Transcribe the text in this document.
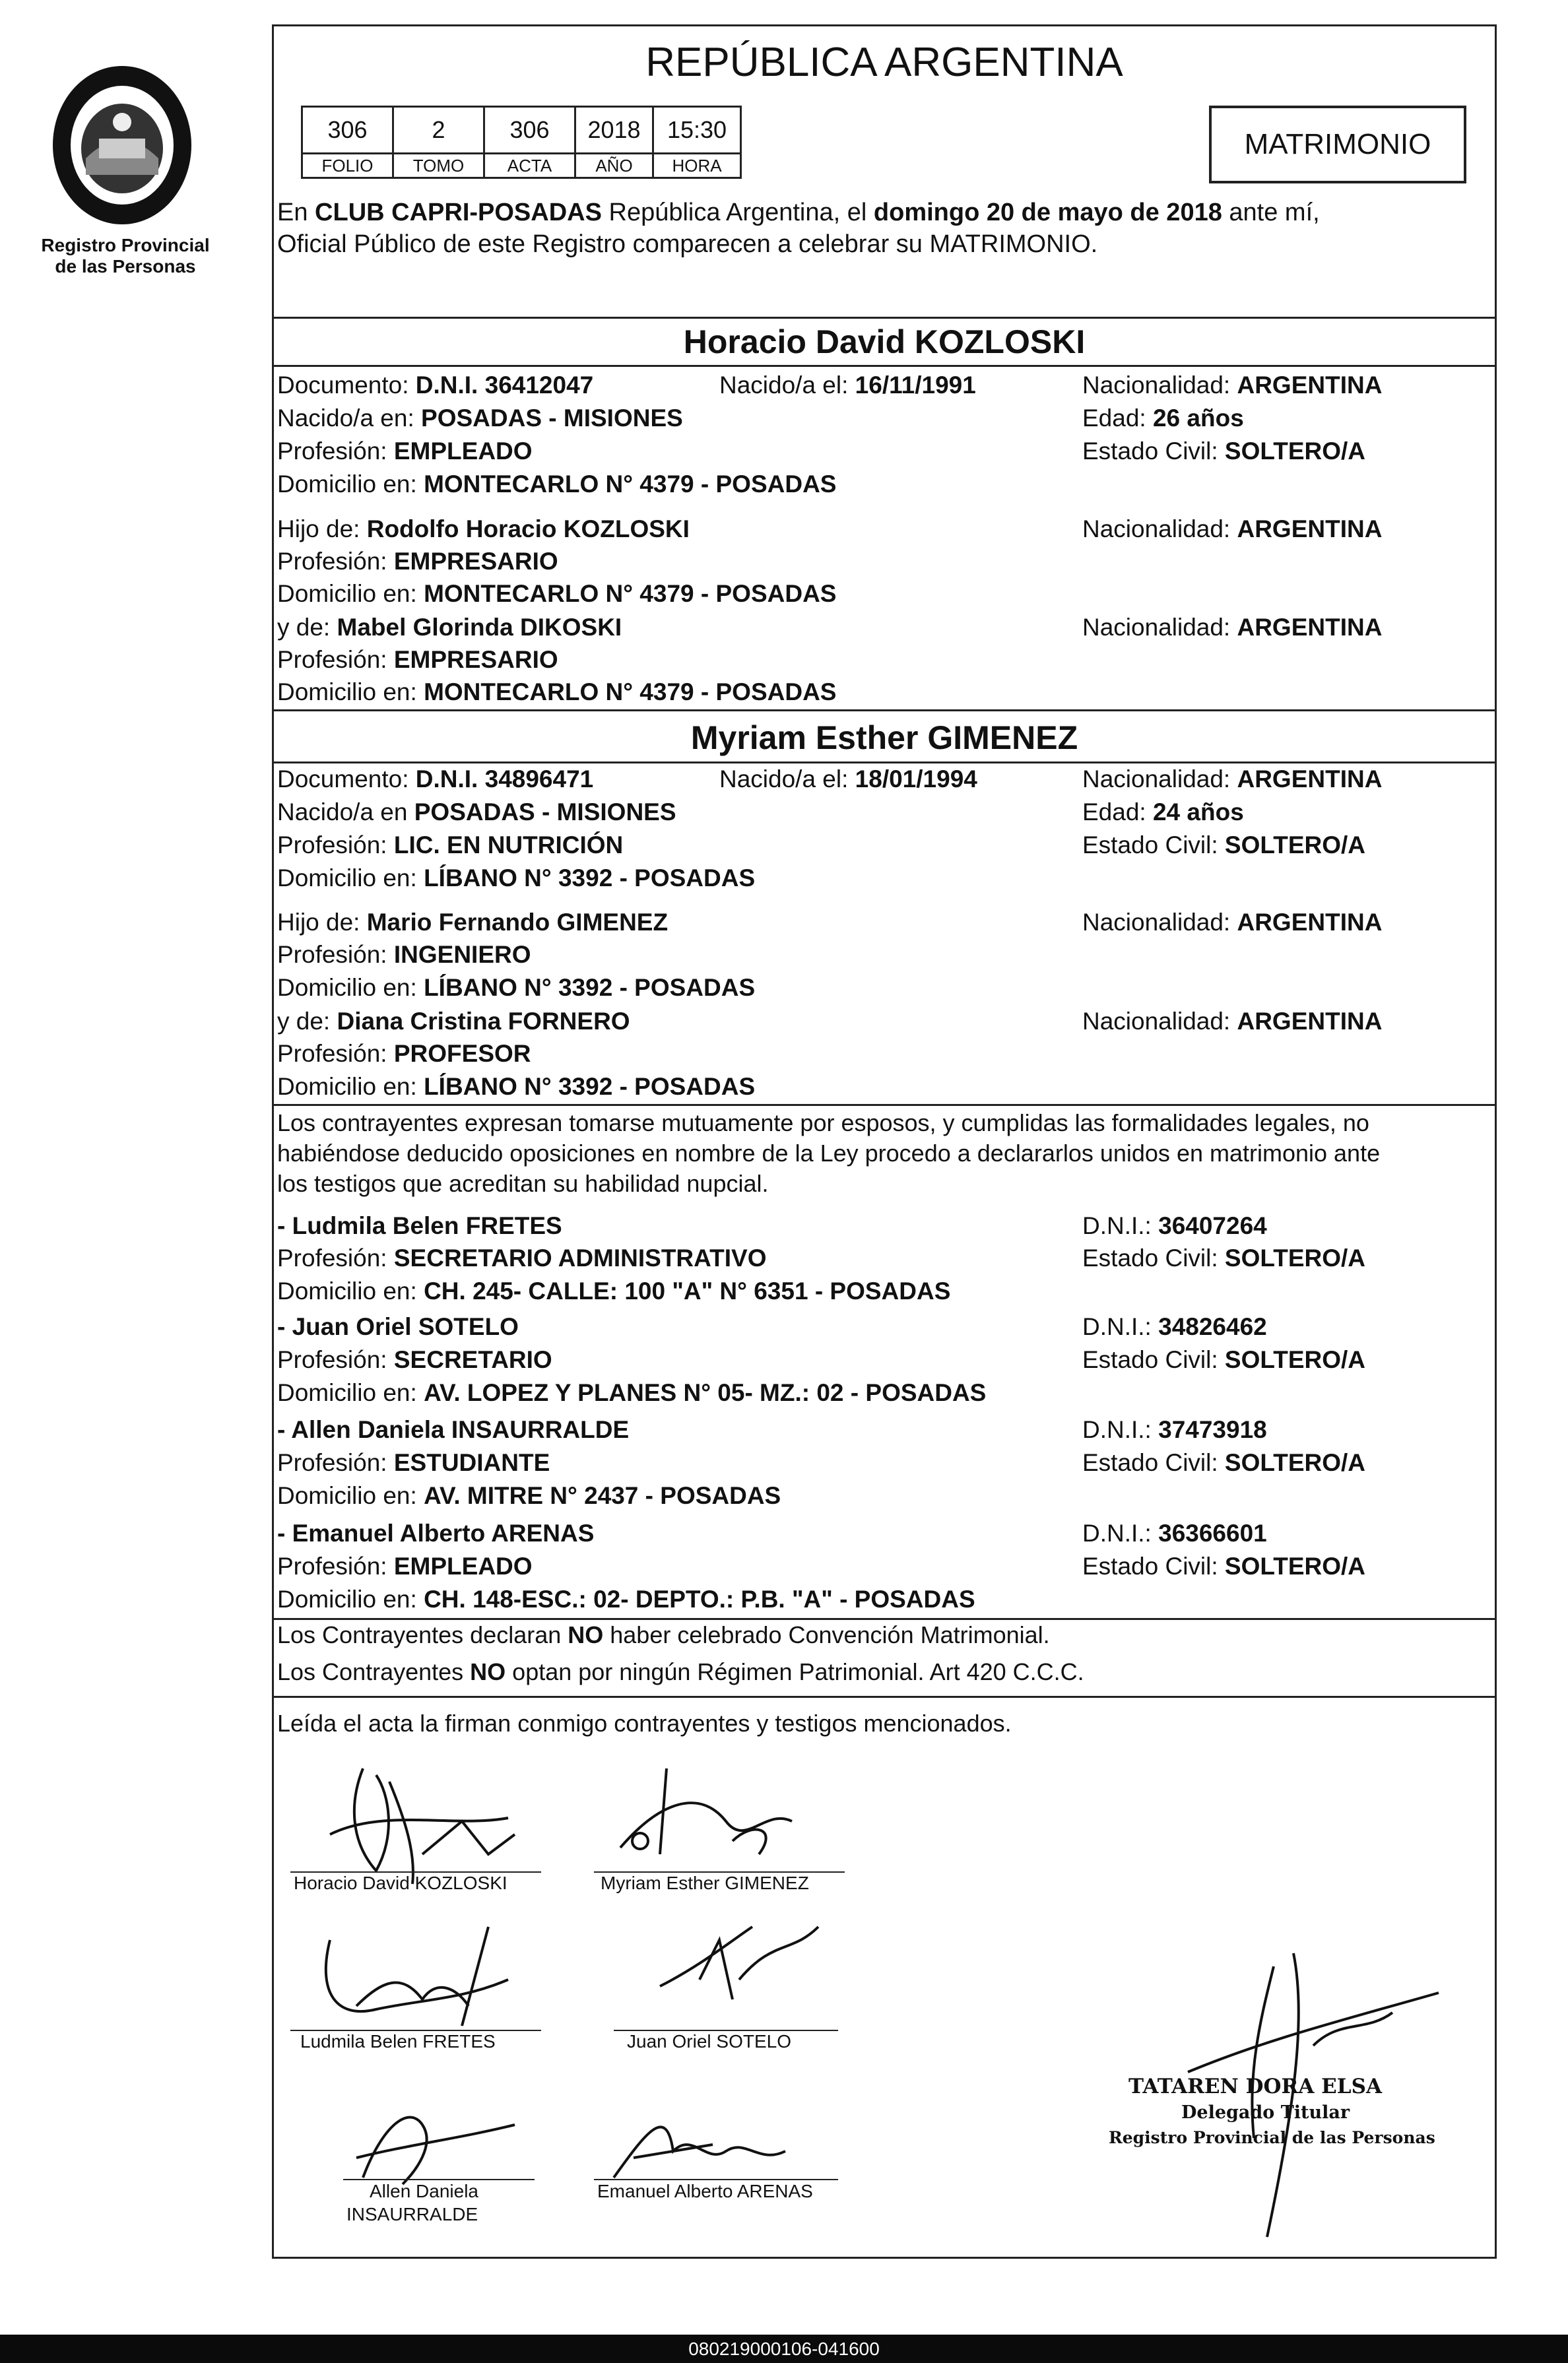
Registro Provincial
de las Personas
REPÚBLICA ARGENTINA
306	2	306	2018	15:30
FOLIO	TOMO	ACTA	AÑO	HORA
MATRIMONIO
En CLUB CAPRI-POSADAS República Argentina, el domingo 20 de mayo de 2018 ante mí,
Oficial Público de este Registro comparecen a celebrar su MATRIMONIO.
Horacio David KOZLOSKI
Documento: D.N.I. 36412047	Nacido/a el: 16/11/1991	Nacionalidad: ARGENTINA
Nacido/a en: POSADAS - MISIONES	Edad: 26 años
Profesión: EMPLEADO	Estado Civil: SOLTERO/A
Domicilio en: MONTECARLO N° 4379 - POSADAS
Hijo de: Rodolfo Horacio KOZLOSKI	Nacionalidad: ARGENTINA
Profesión: EMPRESARIO
Domicilio en: MONTECARLO N° 4379 - POSADAS
y de: Mabel Glorinda DIKOSKI	Nacionalidad: ARGENTINA
Profesión: EMPRESARIO
Domicilio en: MONTECARLO N° 4379 - POSADAS
Myriam Esther GIMENEZ
Documento: D.N.I. 34896471	Nacido/a el: 18/01/1994	Nacionalidad: ARGENTINA
Nacido/a en POSADAS - MISIONES	Edad: 24 años
Profesión: LIC. EN NUTRICIÓN	Estado Civil: SOLTERO/A
Domicilio en: LÍBANO N° 3392 - POSADAS
Hijo de: Mario Fernando GIMENEZ	Nacionalidad: ARGENTINA
Profesión: INGENIERO
Domicilio en: LÍBANO N° 3392 - POSADAS
y de: Diana Cristina FORNERO	Nacionalidad: ARGENTINA
Profesión: PROFESOR
Domicilio en: LÍBANO N° 3392 - POSADAS
Los contrayentes expresan tomarse mutuamente por esposos, y cumplidas las formalidades legales, no
habiéndose deducido oposiciones en nombre de la Ley procedo a declararlos unidos en matrimonio ante
los testigos que acreditan su habilidad nupcial.
- Ludmila Belen FRETES	D.N.I.: 36407264
Profesión: SECRETARIO ADMINISTRATIVO	Estado Civil: SOLTERO/A
Domicilio en: CH. 245- CALLE: 100 "A" N° 6351 - POSADAS
- Juan Oriel SOTELO	D.N.I.: 34826462
Profesión: SECRETARIO	Estado Civil: SOLTERO/A
Domicilio en: AV. LOPEZ Y PLANES N° 05- MZ.: 02 - POSADAS
- Allen Daniela INSAURRALDE	D.N.I.: 37473918
Profesión: ESTUDIANTE	Estado Civil: SOLTERO/A
Domicilio en: AV. MITRE N° 2437 - POSADAS
- Emanuel Alberto ARENAS	D.N.I.: 36366601
Profesión: EMPLEADO	Estado Civil: SOLTERO/A
Domicilio en: CH. 148-ESC.: 02- DEPTO.: P.B. "A" - POSADAS
Los Contrayentes declaran NO haber celebrado Convención Matrimonial.
Los Contrayentes NO optan por ningún Régimen Patrimonial. Art 420 C.C.C.
Leída el acta la firman conmigo contrayentes y testigos mencionados.
Horacio David KOZLOSKI	Myriam Esther GIMENEZ
Ludmila Belen FRETES	Juan Oriel SOTELO
Allen Daniela
INSAURRALDE
Emanuel Alberto ARENAS
TATAREN DORA ELSA
Delegado Titular
Registro Provincial de las Personas
080219000106-041600
